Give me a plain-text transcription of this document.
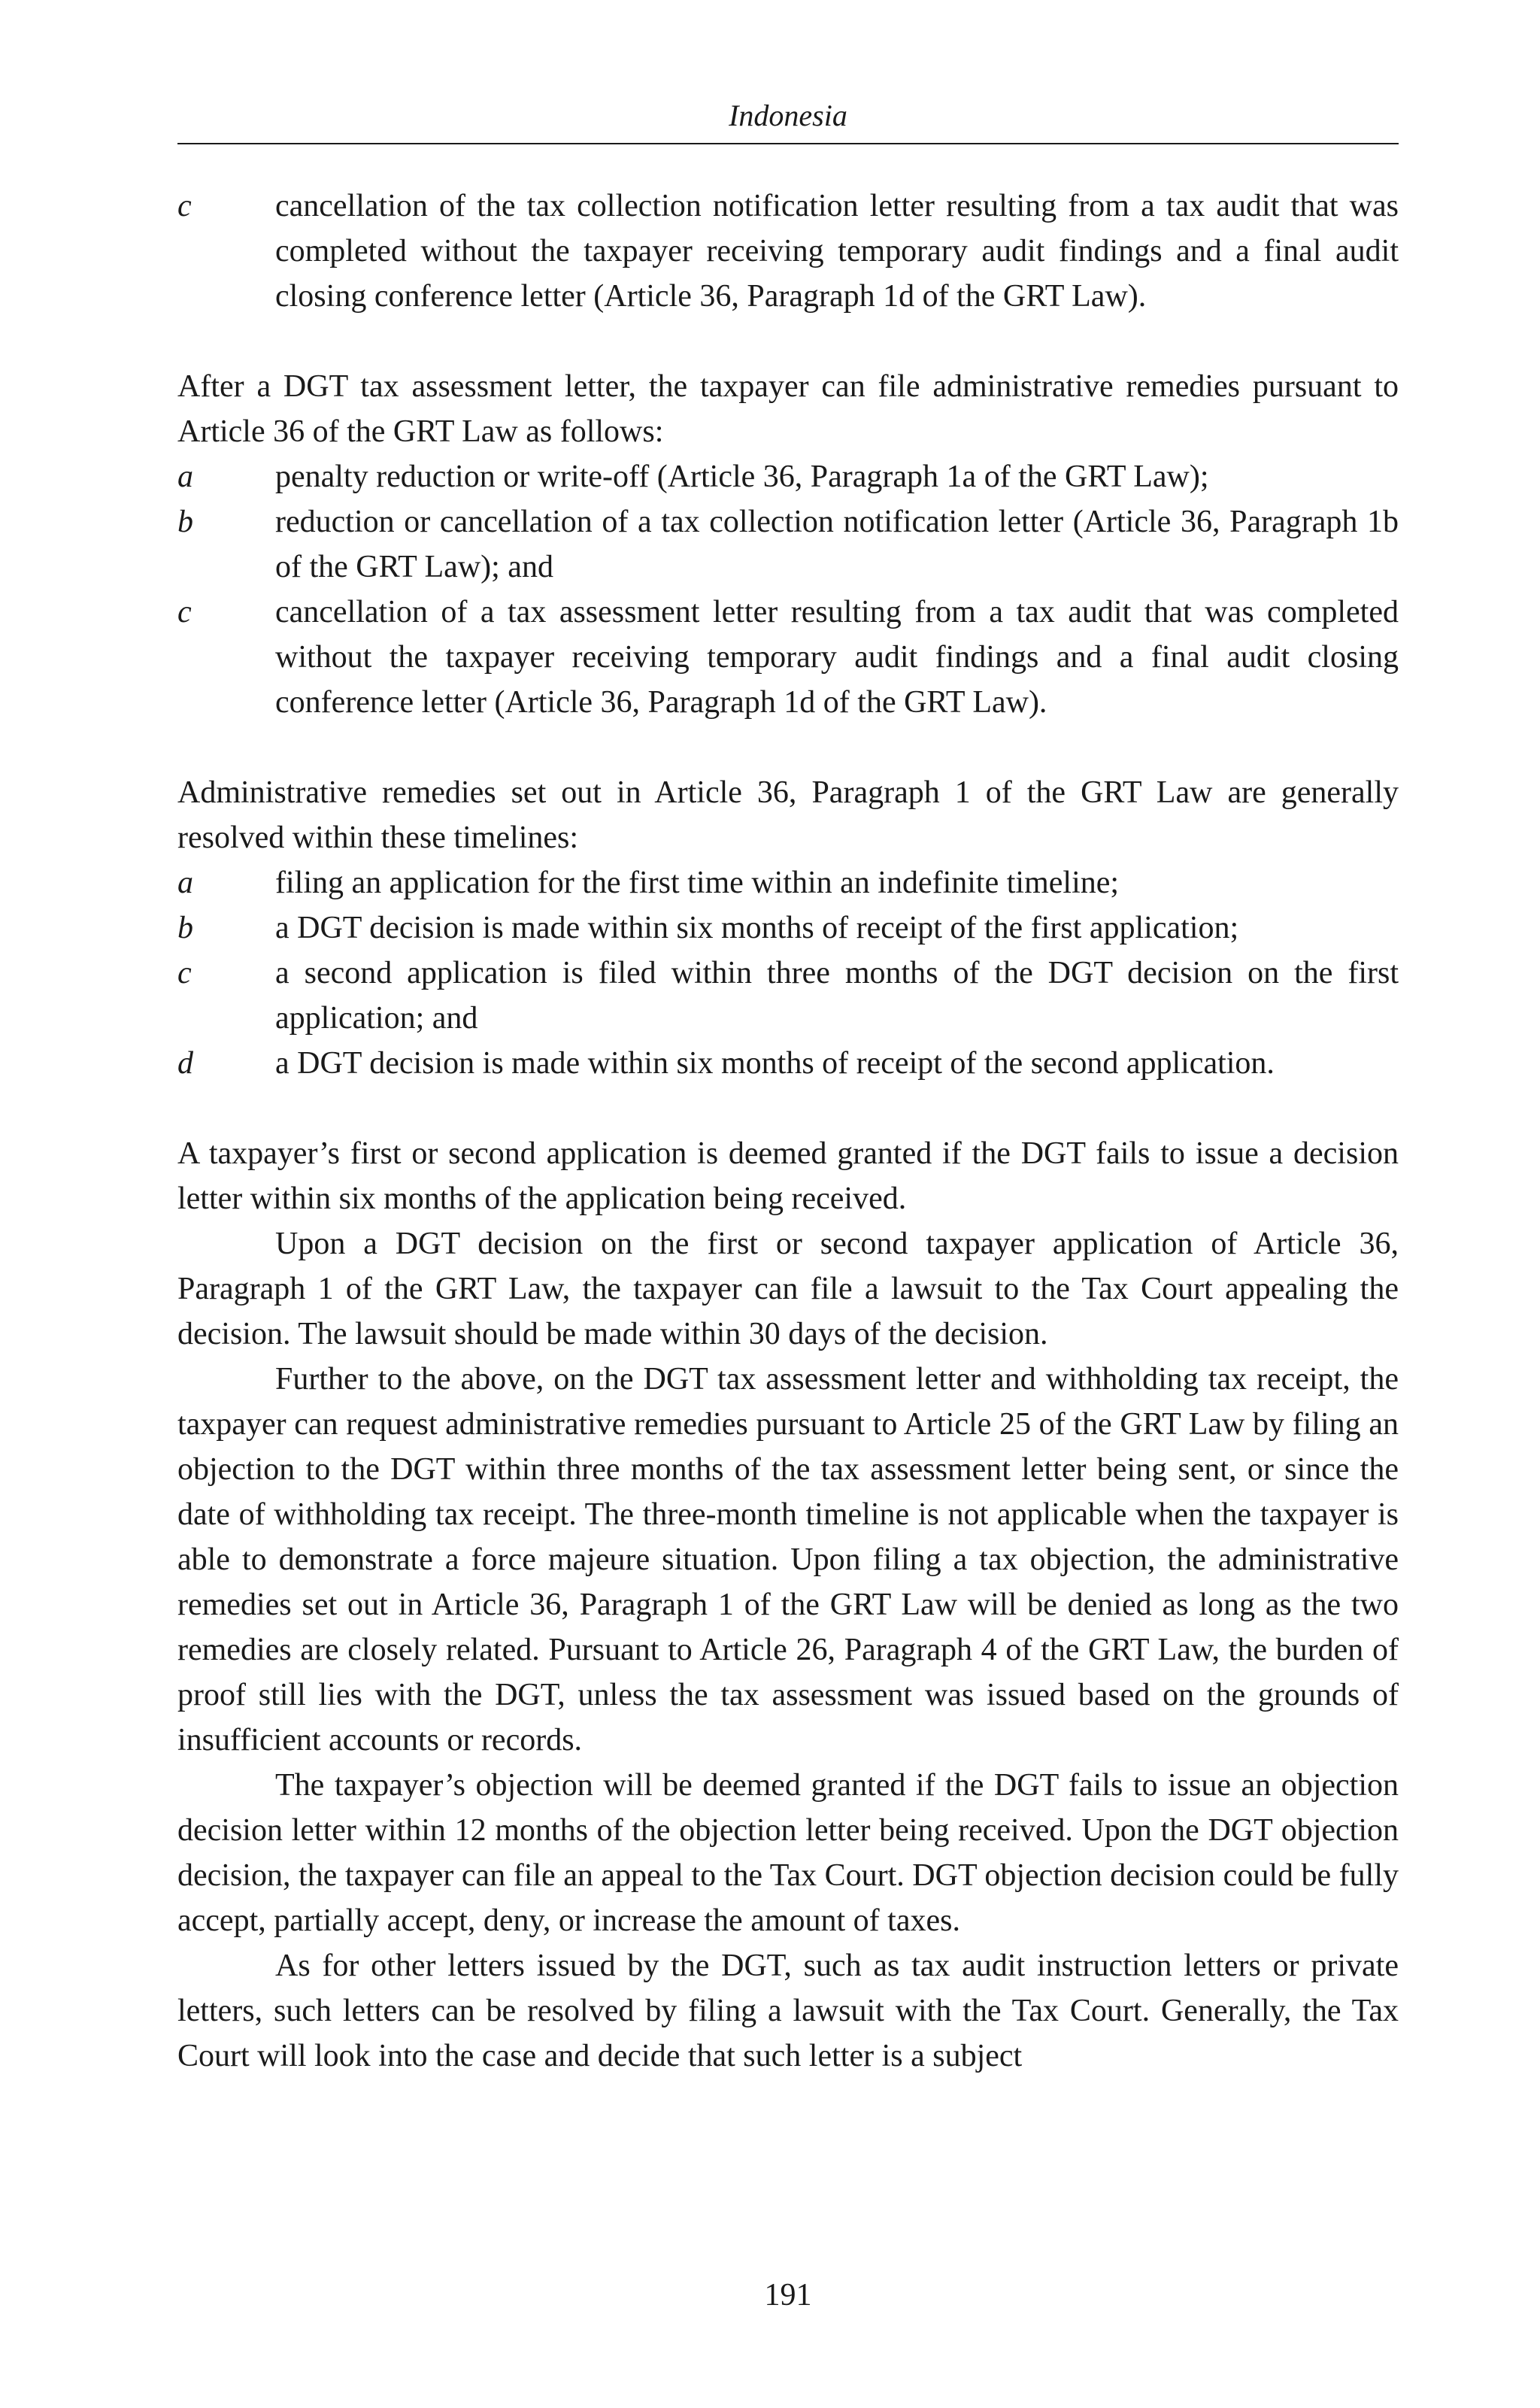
Indonesia
c	cancellation of the tax collection notification letter resulting from a tax audit that was completed without the taxpayer receiving temporary audit findings and a final audit closing conference letter (Article 36, Paragraph 1d of the GRT Law).

After a DGT tax assessment letter, the taxpayer can file administrative remedies pursuant to Article 36 of the GRT Law as follows:

a	penalty reduction or write-off (Article 36, Paragraph 1a of the GRT Law);
b	reduction or cancellation of a tax collection notification letter (Article 36, Paragraph 1b of the GRT Law); and
c	cancellation of a tax assessment letter resulting from a tax audit that was completed without the taxpayer receiving temporary audit findings and a final audit closing conference letter (Article 36, Paragraph 1d of the GRT Law).

Administrative remedies set out in Article 36, Paragraph 1 of the GRT Law are generally resolved within these timelines:

a	filing an application for the first time within an indefinite timeline;
b	a DGT decision is made within six months of receipt of the first application;
c	a second application is filed within three months of the DGT decision on the first application; and
d	a DGT decision is made within six months of receipt of the second application.

A taxpayer’s first or second application is deemed granted if the DGT fails to issue a decision letter within six months of the application being received.

Upon a DGT decision on the first or second taxpayer application of Article 36, Paragraph 1 of the GRT Law, the taxpayer can file a lawsuit to the Tax Court appealing the decision. The lawsuit should be made within 30 days of the decision.

Further to the above, on the DGT tax assessment letter and withholding tax receipt, the taxpayer can request administrative remedies pursuant to Article 25 of the GRT Law by filing an objection to the DGT within three months of the tax assessment letter being sent, or since the date of withholding tax receipt. The three-month timeline is not applicable when the taxpayer is able to demonstrate a force majeure situation. Upon filing a tax objection, the administrative remedies set out in Article 36, Paragraph 1 of the GRT Law will be denied as long as the two remedies are closely related. Pursuant to Article 26, Paragraph 4 of the GRT Law, the burden of proof still lies with the DGT, unless the tax assessment was issued based on the grounds of insufficient accounts or records.

The taxpayer’s objection will be deemed granted if the DGT fails to issue an objection decision letter within 12 months of the objection letter being received. Upon the DGT objection decision, the taxpayer can file an appeal to the Tax Court. DGT objection decision could be fully accept, partially accept, deny, or increase the amount of taxes.

As for other letters issued by the DGT, such as tax audit instruction letters or private letters, such letters can be resolved by filing a lawsuit with the Tax Court. Generally, the Tax Court will look into the case and decide that such letter is a subject

191
